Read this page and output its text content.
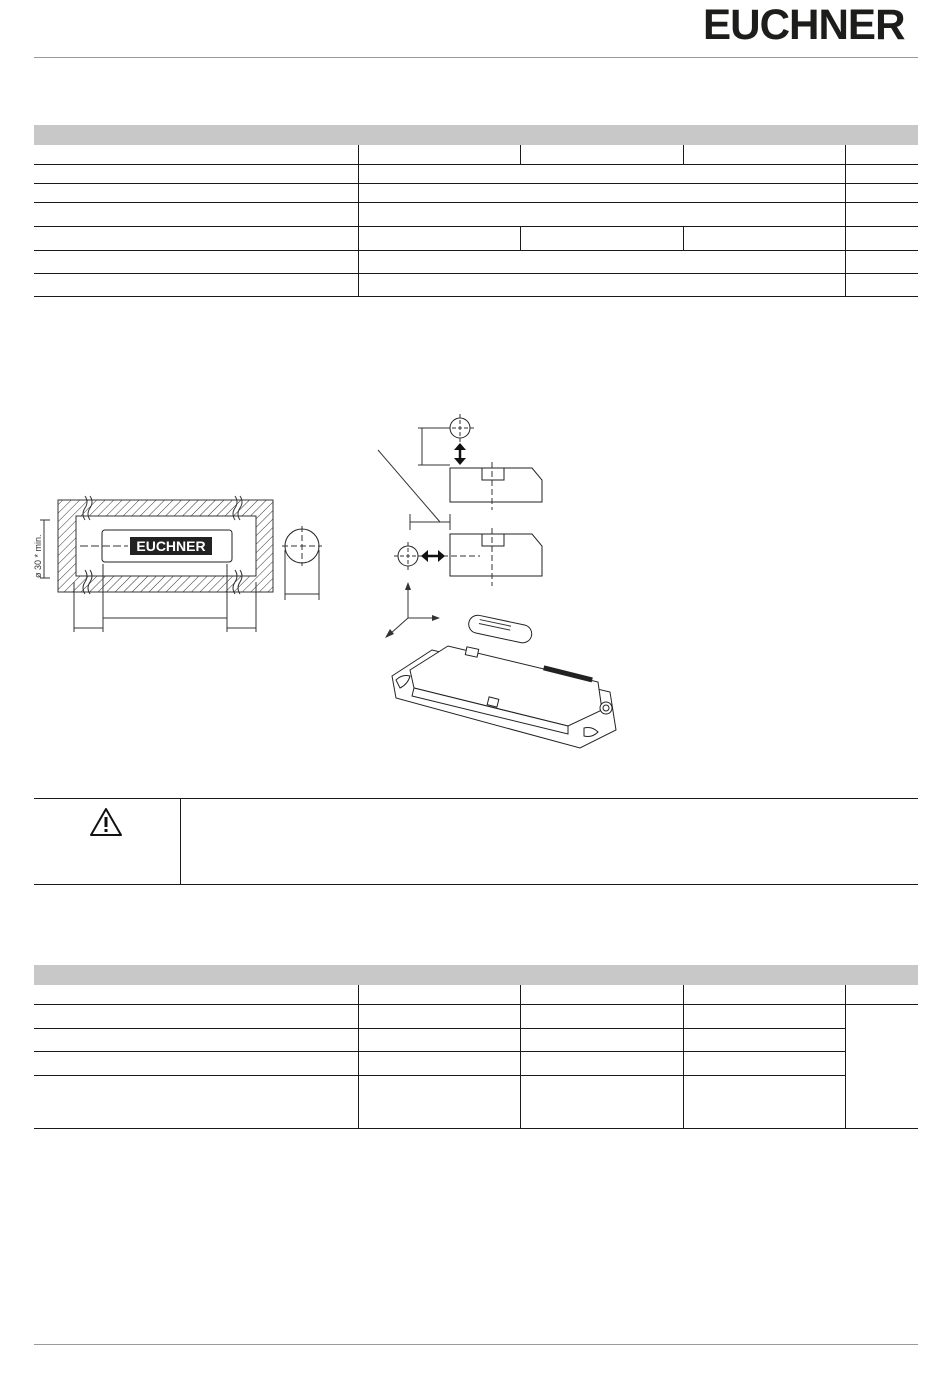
EUCHNER

EUCHNER
ø 30 * min.
